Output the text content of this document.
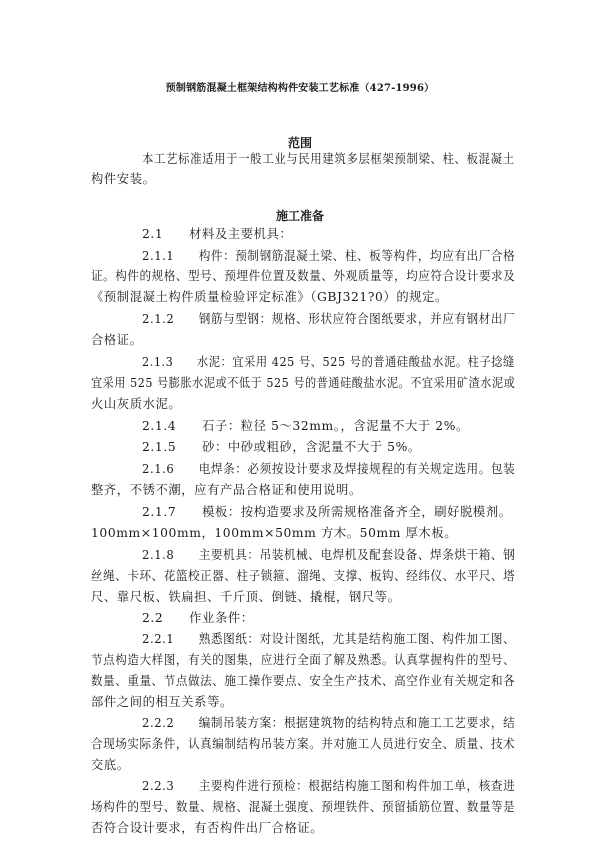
预制钢筋混凝土框架结构构件安装工艺标准（427-1996）
范围
本工艺标准适用于一般工业与民用建筑多层框架预制梁、柱、板混凝土
构件安装。
施工准备
2.1　　材料及主要机具：
2.1.1　　构件：预制钢筋混凝土梁、柱、板等构件，均应有出厂合格
证。构件的规格、型号、预埋件位置及数量、外观质量等，均应符合设计要求及
《预制混凝土构件质量检验评定标准》（GBJ321?0）的规定。
2.1.2　　钢筋与型钢：规格、形状应符合图纸要求，并应有钢材出厂
合格证。
2.1.3　　水泥：宜采用 425 号、525 号的普通硅酸盐水泥。柱子捻缝
宜采用 525 号膨胀水泥或不低于 525 号的普通硅酸盐水泥。不宜采用矿渣水泥或
火山灰质水泥。
2.1.4　　石子：粒径 5～32mm。，含泥量不大于 2%。
2.1.5　　砂：中砂或粗砂，含泥量不大于 5%。
2.1.6　　电焊条：必须按设计要求及焊接规程的有关规定选用。包装
整齐，不锈不潮，应有产品合格证和使用说明。
2.1.7　　模板：按构造要求及所需规格准备齐全，刷好脱模剂。
100mm×100mm，100mm×50mm 方木。50mm 厚木板。
2.1.8　　主要机具：吊装机械、电焊机及配套设备、焊条烘干箱、钢
丝绳、卡环、花篮校正器、柱子锁箍、溜绳、支撑、板钩、经纬仪、水平尺、塔
尺、靠尺板、铁扁担、千斤顶、倒链、撬棍，钢尺等。
2.2　　作业条件：
2.2.1　　熟悉图纸：对设计图纸，尤其是结构施工图、构件加工图、
节点构造大样图，有关的图集，应进行全面了解及熟悉。认真掌握构件的型号、
数量、重量、节点做法、施工操作要点、安全生产技术、高空作业有关规定和各
部件之间的相互关系等。
2.2.2　　编制吊装方案：根据建筑物的结构特点和施工工艺要求，结
合现场实际条件，认真编制结构吊装方案。并对施工人员进行安全、质量、技术
交底。
2.2.3　　主要构件进行预检：根据结构施工图和构件加工单，核查进
场构件的型号、数量、规格、混凝土强度、预埋铁件、预留插筋位置、数量等是
否符合设计要求，有否构件出厂合格证。
